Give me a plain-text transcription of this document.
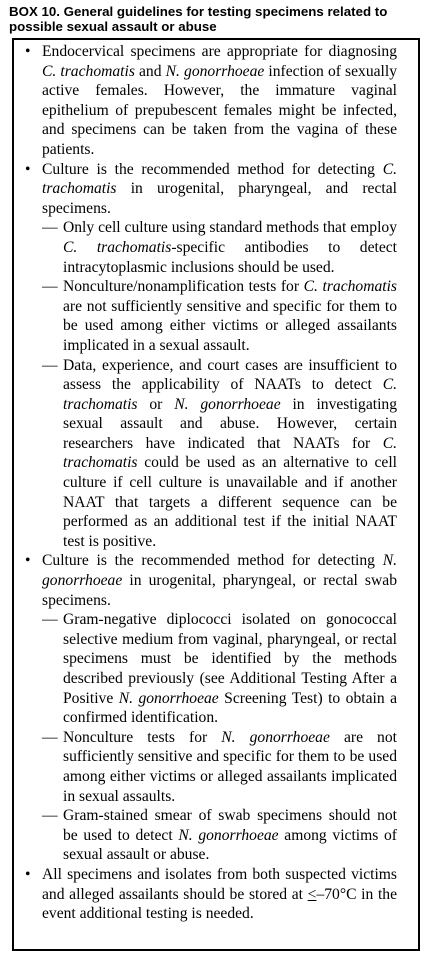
BOX 10. General guidelines for testing specimens related to possible sexual assault or abuse

• Endocervical specimens are appropriate for diagnosing C. trachomatis and N. gonorrhoeae infection of sexually active females. However, the immature vaginal epithelium of prepubescent females might be infected, and specimens can be taken from the vagina of these patients.

• Culture is the recommended method for detecting C. trachomatis in urogenital, pharyngeal, and rectal specimens.

— Only cell culture using standard methods that employ C. trachomatis-specific antibodies to detect intracytoplasmic inclusions should be used.

— Nonculture/nonamplification tests for C. trachomatis are not sufficiently sensitive and specific for them to be used among either victims or alleged assailants implicated in a sexual assault.

— Data, experience, and court cases are insufficient to assess the applicability of NAATs to detect C. trachomatis or N. gonorrhoeae in investigating sexual assault and abuse. However, certain researchers have indicated that NAATs for C. trachomatis could be used as an alternative to cell culture if cell culture is unavailable and if another NAAT that targets a different sequence can be performed as an additional test if the initial NAAT test is positive.

• Culture is the recommended method for detecting N. gonorrhoeae in urogenital, pharyngeal, or rectal swab specimens.

— Gram-negative diplococci isolated on gonococcal selective medium from vaginal, pharyngeal, or rectal specimens must be identified by the methods described previously (see Additional Testing After a Positive N. gonorrhoeae Screening Test) to obtain a confirmed identification.

— Nonculture tests for N. gonorrhoeae are not sufficiently sensitive and specific for them to be used among either victims or alleged assailants implicated in sexual assaults.

— Gram-stained smear of swab specimens should not be used to detect N. gonorrhoeae among victims of sexual assault or abuse.

• All specimens and isolates from both suspected victims and alleged assailants should be stored at <–70°C in the event additional testing is needed.
